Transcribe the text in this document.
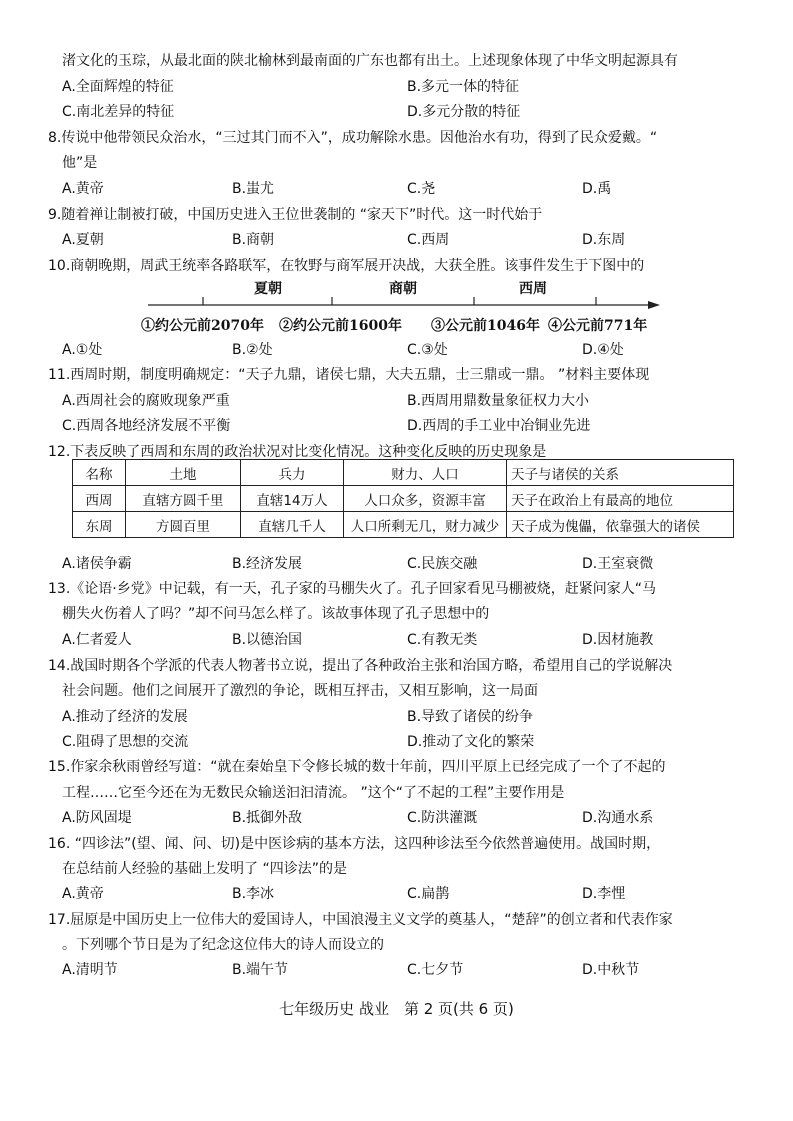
渚文化的玉琮，从最北面的陕北榆林到最南面的广东也都有出土。上述现象体现了中华文明起源具有
A.全面辉煌的特征	B.多元一体的特征
C.南北差异的特征	D.多元分散的特征
8.传说中他带领民众治水，“三过其门而不入”，成功解除水患。因他治水有功，得到了民众爱戴。“
他”是
A.黄帝	B.蚩尤	C.尧	D.禹
9.随着禅让制被打破，中国历史进入王位世袭制的 “家天下”时代。这一时代始于
A.夏朝	B.商朝	C.西周	D.东周
10.商朝晚期，周武王统率各路联军，在牧野与商军展开决战，大获全胜。该事件发生于下图中的
夏朝	商朝	西周
①约公元前2070年 ②约公元前1600年 ③公元前1046年 ④公元前771年
A.①处	B.②处	C.③处	D.④处
11.西周时期，制度明确规定：“天子九鼎，诸侯七鼎，大夫五鼎，士三鼎或一鼎。 ”材料主要体现
A.西周社会的腐败现象严重	B.西周用鼎数量象征权力大小
C.西周各地经济发展不平衡	D.西周的手工业中冶铜业先进
12.下表反映了西周和东周的政治状况对比变化情况。这种变化反映的历史现象是
名称	土地	兵力	财力、人口	天子与诸侯的关系
西周	直辖方圆千里	直辖14万人	人口众多，资源丰富	天子在政治上有最高的地位
东周	方圆百里	直辖几千人	人口所剩无几，财力减少	天子成为傀儡，依靠强大的诸侯
A.诸侯争霸	B.经济发展	C.民族交融	D.王室衰微
13.《论语·乡党》中记载，有一天，孔子家的马棚失火了。孔子回家看见马棚被烧，赶紧问家人“马
棚失火伤着人了吗？”却不问马怎么样了。该故事体现了孔子思想中的
A.仁者爱人	B.以德治国	C.有教无类	D.因材施教
14.战国时期各个学派的代表人物著书立说，提出了各种政治主张和治国方略，希望用自己的学说解决
社会问题。他们之间展开了激烈的争论，既相互抨击，又相互影响，这一局面
A.推动了经济的发展	B.导致了诸侯的纷争
C.阻碍了思想的交流	D.推动了文化的繁荣
15.作家余秋雨曾经写道：“就在秦始皇下令修长城的数十年前，四川平原上已经完成了一个了不起的
工程……它至今还在为无数民众输送汩汩清流。 ”这个“了不起的工程”主要作用是
A.防风固堤	B.抵御外敌	C.防洪灌溉	D.沟通水系
16. “四诊法”(望、闻、问、切)是中医诊病的基本方法，这四种诊法至今依然普遍使用。战国时期，
在总结前人经验的基础上发明了 “四诊法”的是
A.黄帝	B.李冰	C.扁鹊	D.李悝
17.屈原是中国历史上一位伟大的爱国诗人，中国浪漫主义文学的奠基人，“楚辞”的创立者和代表作家
。下列哪个节日是为了纪念这位伟大的诗人而设立的
A.清明节	B.端午节	C.七夕节	D.中秋节
七年级历史 战业　第 2 页(共 6 页)
